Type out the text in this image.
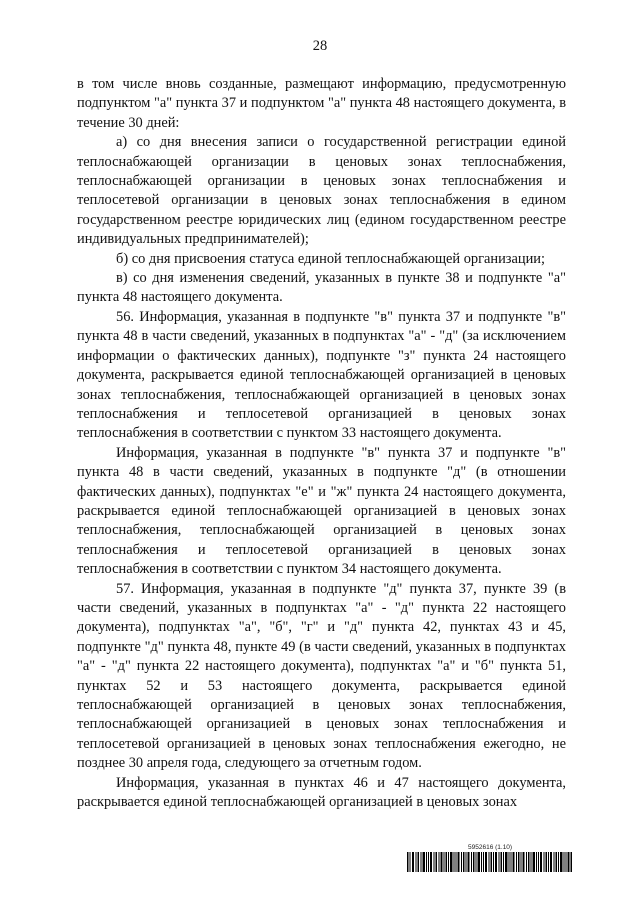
28

в том числе вновь созданные, размещают информацию, предусмотренную подпунктом "а" пункта 37 и подпунктом "а" пункта 48 настоящего документа, в течение 30 дней:

а) со дня внесения записи о государственной регистрации единой теплоснабжающей организации в ценовых зонах теплоснабжения, теплоснабжающей организации в ценовых зонах теплоснабжения и теплосетевой организации в ценовых зонах теплоснабжения в едином государственном реестре юридических лиц (едином государственном реестре индивидуальных предпринимателей);

б) со дня присвоения статуса единой теплоснабжающей организации;

в) со дня изменения сведений, указанных в пункте 38 и подпункте "а" пункта 48 настоящего документа.

56. Информация, указанная в подпункте "в" пункта 37 и подпункте "в" пункта 48 в части сведений, указанных в подпунктах "а" - "д" (за исключением информации о фактических данных), подпункте "з" пункта 24 настоящего документа, раскрывается единой теплоснабжающей организацией в ценовых зонах теплоснабжения, теплоснабжающей организацией в ценовых зонах теплоснабжения и теплосетевой организацией в ценовых зонах теплоснабжения в соответствии с пунктом 33 настоящего документа.

Информация, указанная в подпункте "в" пункта 37 и подпункте "в" пункта 48 в части сведений, указанных в подпункте "д" (в отношении фактических данных), подпунктах "е" и "ж" пункта 24 настоящего документа, раскрывается единой теплоснабжающей организацией в ценовых зонах теплоснабжения, теплоснабжающей организацией в ценовых зонах теплоснабжения и теплосетевой организацией в ценовых зонах теплоснабжения в соответствии с пунктом 34 настоящего документа.

57. Информация, указанная в подпункте "д" пункта 37, пункте 39 (в части сведений, указанных в подпунктах "а" - "д" пункта 22 настоящего документа), подпунктах "а", "б", "г" и "д" пункта 42, пунктах 43 и 45, подпункте "д" пункта 48, пункте 49 (в части сведений, указанных в подпунктах "а" - "д" пункта 22 настоящего документа), подпунктах "а" и "б" пункта 51, пунктах 52 и 53 настоящего документа, раскрывается единой теплоснабжающей организацией в ценовых зонах теплоснабжения, теплоснабжающей организацией в ценовых зонах теплоснабжения и теплосетевой организацией в ценовых зонах теплоснабжения ежегодно, не позднее 30 апреля года, следующего за отчетным годом.

Информация, указанная в пунктах 46 и 47 настоящего документа, раскрывается единой теплоснабжающей организацией в ценовых зонах

5952616 (1.10)
